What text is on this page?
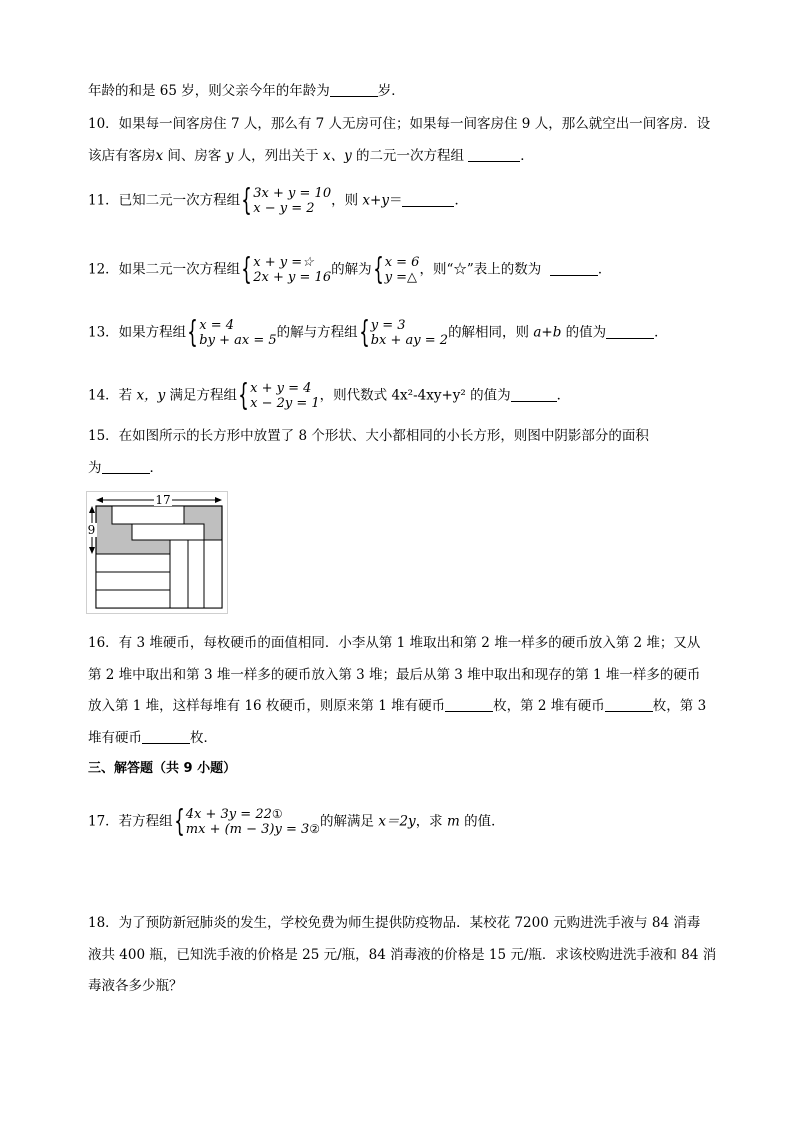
年龄的和是 65 岁，则父亲今年的年龄为	岁．
10．如果每一间客房住 7 人，那么有 7 人无房可住；如果每一间客房住 9 人，那么就空出一间客房．设
该店有客房x 间、房客 y 人，列出关于 x、y 的二元一次方程组	．
11．已知二元一次方程组{ 3x + y = 10
x − y = 2	，则 x+y＝	．
12．如果二元一次方程组{ x + y =☆
2x + y = 16 的解为{ x = 6
y =△ ，则“☆”表上的数为	．
13．如果方程组{ x = 4
by + ax = 5 的解与方程组{ y = 3
bx + ay = 2 的解相同，则 a+b 的值为	．
14．若 x，y 满足方程组{ x + y = 4
x − 2y = 1 ，则代数式 4x²-4xy+y² 的值为	．
15．在如图所示的长方形中放置了 8 个形状、大小都相同的小长方形，则图中阴影部分的面积
为	．
17
9
16．有 3 堆硬币，每枚硬币的面值相同．小李从第 1 堆取出和第 2 堆一样多的硬币放入第 2 堆；又从
第 2 堆中取出和第 3 堆一样多的硬币放入第 3 堆；最后从第 3 堆中取出和现存的第 1 堆一样多的硬币
放入第 1 堆，这样每堆有 16 枚硬币，则原来第 1 堆有硬币	枚，第 2 堆有硬币	枚，第 3
堆有硬币	枚．
三、解答题（共 9 小题）
17．若方程组{ 4x + 3y = 22①
mx + (m − 3)y = 3② 的解满足 x＝2y，求 m 的值．
18．为了预防新冠肺炎的发生，学校免费为师生提供防疫物品．某校花 7200 元购进洗手液与 84 消毒
液共 400 瓶，已知洗手液的价格是 25 元/瓶，84 消毒液的价格是 15 元/瓶．求该校购进洗手液和 84 消
毒液各多少瓶？
